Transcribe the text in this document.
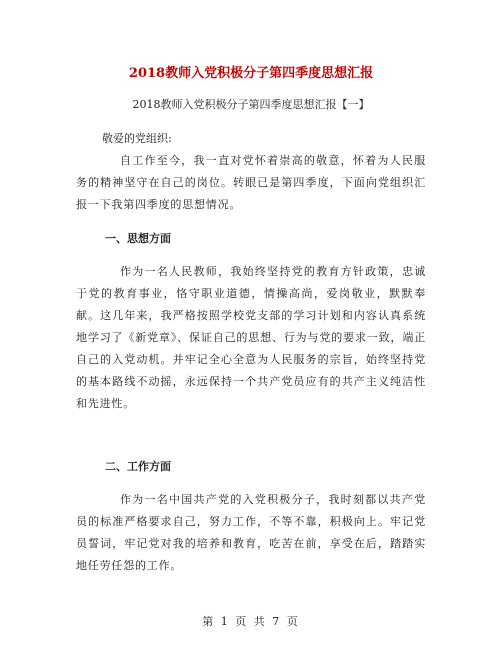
2018教师入党积极分子第四季度思想汇报
2018教师入党积极分子第四季度思想汇报【一】
敬爱的党组织:
自工作至今，我一直对党怀着崇高的敬意，怀着为人民服务的精神坚守在自己的岗位。转眼已是第四季度，下面向党组织汇报一下我第四季度的思想情况。
一、思想方面
作为一名人民教师，我始终坚持党的教育方针政策，忠诚于党的教育事业，恪守职业道德，情操高尚，爱岗敬业，默默奉献。这几年来，我严格按照学校党支部的学习计划和内容认真系统地学习了《新党章》、保证自己的思想、行为与党的要求一致，端正自己的入党动机。并牢记全心全意为人民服务的宗旨，始终坚持党的基本路线不动摇，永远保持一个共产党员应有的共产主义纯洁性和先进性。
二、工作方面
作为一名中国共产党的入党积极分子，我时刻都以共产党员的标准严格要求自己，努力工作，不等不靠，积极向上。牢记党员誓词，牢记党对我的培养和教育，吃苦在前，享受在后，踏踏实地任劳任怨的工作。
第 1 页 共 7 页
